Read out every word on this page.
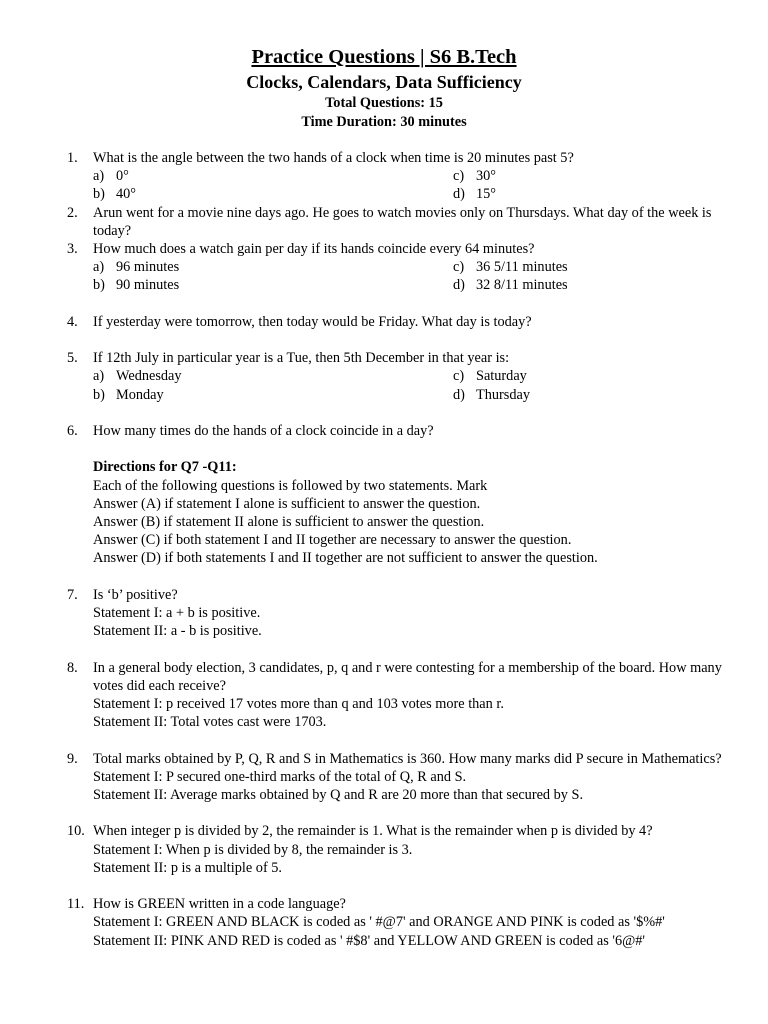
Practice Questions | S6 B.Tech
Clocks, Calendars, Data Sufficiency
Total Questions: 15
Time Duration: 30 minutes
1.	What is the angle between the two hands of a clock when time is 20 minutes past 5?
a) 0°	c) 30°
b) 40°	d) 15°
2.	Arun went for a movie nine days ago. He goes to watch movies only on Thursdays. What day of the week is today?
3.	How much does a watch gain per day if its hands coincide every 64 minutes?
a) 96 minutes	c) 36 5/11 minutes
b) 90 minutes	d) 32 8/11 minutes
4.	If yesterday were tomorrow, then today would be Friday. What day is today?
5.	If 12th July in particular year is a Tue, then 5th December in that year is:
a) Wednesday	c) Saturday
b) Monday	d) Thursday
6.	How many times do the hands of a clock coincide in a day?
Directions for Q7 -Q11:
Each of the following questions is followed by two statements. Mark
Answer (A) if statement I alone is sufficient to answer the question.
Answer (B) if statement II alone is sufficient to answer the question.
Answer (C) if both statement I and II together are necessary to answer the question.
Answer (D) if both statements I and II together are not sufficient to answer the question.
7.	Is ‘b’ positive?
Statement I: a + b is positive.
Statement II: a - b is positive.
8.	In a general body election, 3 candidates, p, q and r were contesting for a membership of the board. How many votes did each receive?
Statement I: p received 17 votes more than q and 103 votes more than r.
Statement II: Total votes cast were 1703.
9.	Total marks obtained by P, Q, R and S in Mathematics is 360. How many marks did P secure in Mathematics?
Statement I: P secured one-third marks of the total of Q, R and S.
Statement II: Average marks obtained by Q and R are 20 more than that secured by S.
10. When integer p is divided by 2, the remainder is 1. What is the remainder when p is divided by 4?
Statement I: When p is divided by 8, the remainder is 3.
Statement II: p is a multiple of 5.
11. How is GREEN written in a code language?
Statement I: GREEN AND BLACK is coded as ' #@7' and ORANGE AND PINK is coded as '$%#'
Statement II: PINK AND RED is coded as ' #$8' and YELLOW AND GREEN is coded as '6@#'
